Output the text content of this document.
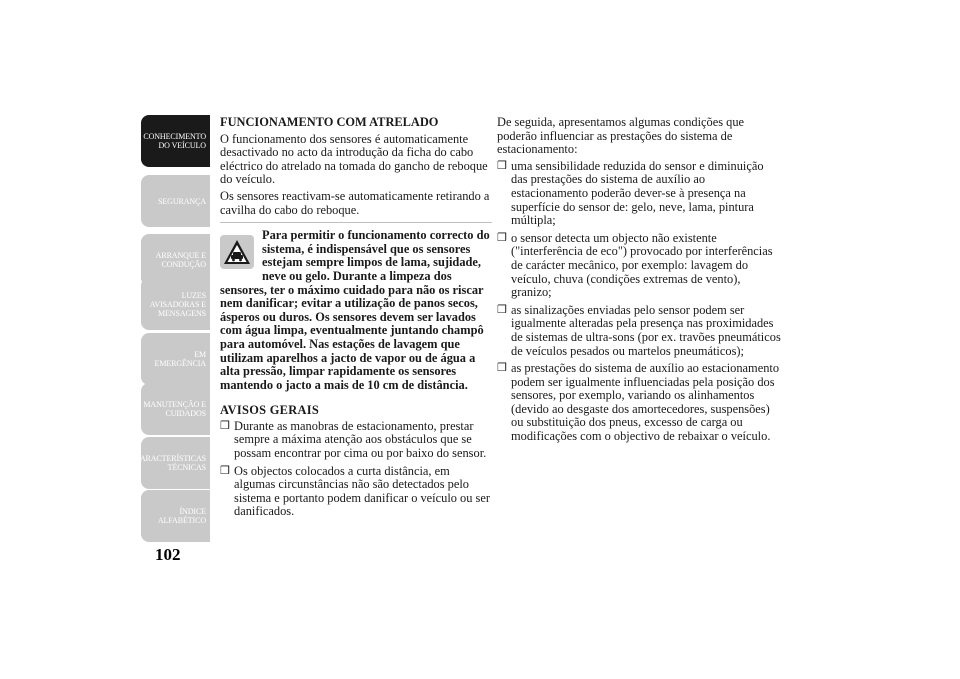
CONHECIMENTO
DO VEÍCULO
SEGURANÇA
ARRANQUE E
CONDUÇÃO
LUZES
AVISADORAS E
MENSAGENS
EM EMERGÊNCIA
MANUTENÇÃO E
CUIDADOS
CARACTERÍSTICAS
TÉCNICAS
ÍNDICE
ALFABÉTICO
102
FUNCIONAMENTO COM ATRELADO
O funcionamento dos sensores é automaticamente desactivado no acto da introdução da ficha do cabo eléctrico do atrelado na tomada do gancho de reboque do veículo.
Os sensores reactivam-se automaticamente retirando a cavilha do cabo do reboque.
Para permitir o funcionamento correcto do sistema, é indispensável que os sensores estejam sempre limpos de lama, sujidade, neve ou gelo. Durante a limpeza dos sensores, ter o máximo cuidado para não os riscar nem danificar; evitar a utilização de panos secos, ásperos ou duros. Os sensores devem ser lavados com água limpa, eventualmente juntando champô para automóvel. Nas estações de lavagem que utilizam aparelhos a jacto de vapor ou de água a alta pressão, limpar rapidamente os sensores mantendo o jacto a mais de 10 cm de distância.
AVISOS GERAIS
❒ Durante as manobras de estacionamento, prestar sempre a máxima atenção aos obstáculos que se possam encontrar por cima ou por baixo do sensor.
❒ Os objectos colocados a curta distância, em algumas circunstâncias não são detectados pelo sistema e portanto podem danificar o veículo ou ser danificados.
De seguida, apresentamos algumas condições que poderão influenciar as prestações do sistema de estacionamento:
❒ uma sensibilidade reduzida do sensor e diminuição das prestações do sistema de auxílio ao estacionamento poderão dever-se à presença na superfície do sensor de: gelo, neve, lama, pintura múltipla;
❒ o sensor detecta um objecto não existente ("interferência de eco") provocado por interferências de carácter mecânico, por exemplo: lavagem do veículo, chuva (condições extremas de vento), granizo;
❒ as sinalizações enviadas pelo sensor podem ser igualmente alteradas pela presença nas proximidades de sistemas de ultra-sons (por ex. travões pneumáticos de veículos pesados ou martelos pneumáticos);
❒ as prestações do sistema de auxílio ao estacionamento podem ser igualmente influenciadas pela posição dos sensores, por exemplo, variando os alinhamentos (devido ao desgaste dos amortecedores, suspensões) ou substituição dos pneus, excesso de carga ou modificações com o objectivo de rebaixar o veículo.
